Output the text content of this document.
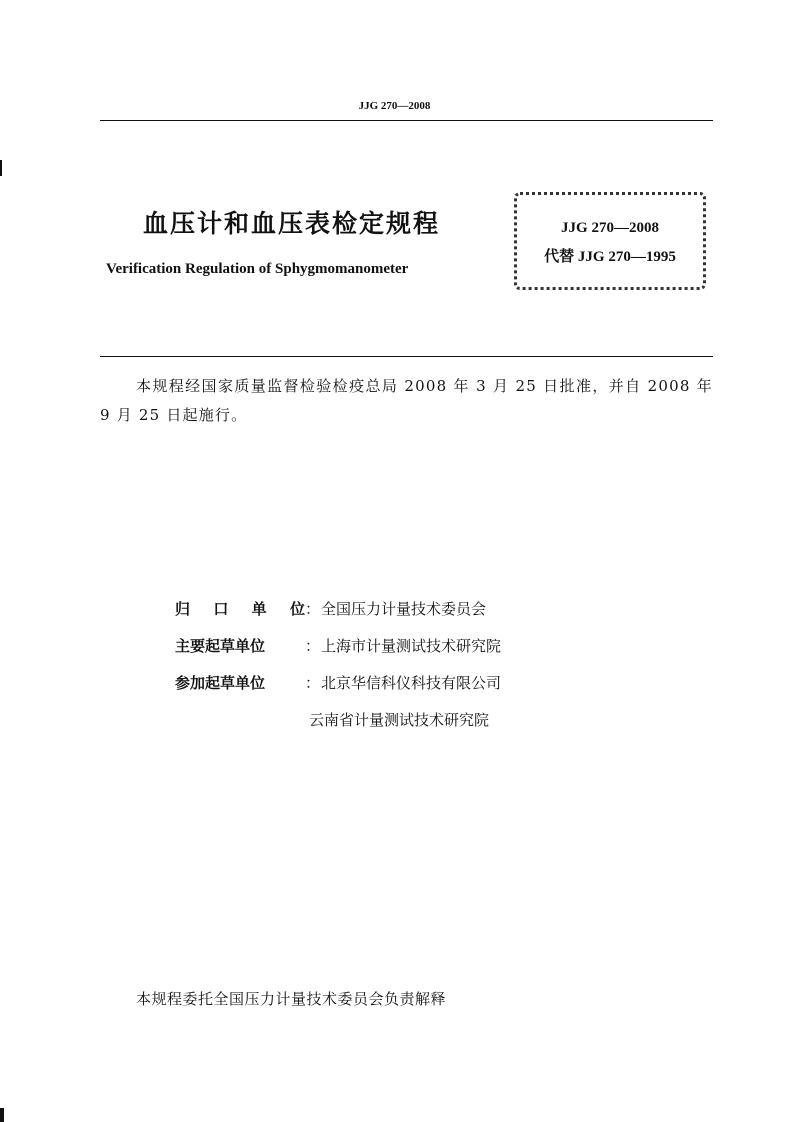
JJG 270—2008
血压计和血压表检定规程
Verification Regulation of Sphygmomanometer
JJG 270—2008
代替 JJG 270—1995
本规程经国家质量监督检验检疫总局 2008 年 3 月 25 日批准，并自 2008 年 9 月 25 日起施行。
归 口 单 位 ： 全国压力计量技术委员会
主要起草单位	： 上海市计量测试技术研究院
参加起草单位	： 北京华信科仪科技有限公司
云南省计量测试技术研究院
本规程委托全国压力计量技术委员会负责解释
